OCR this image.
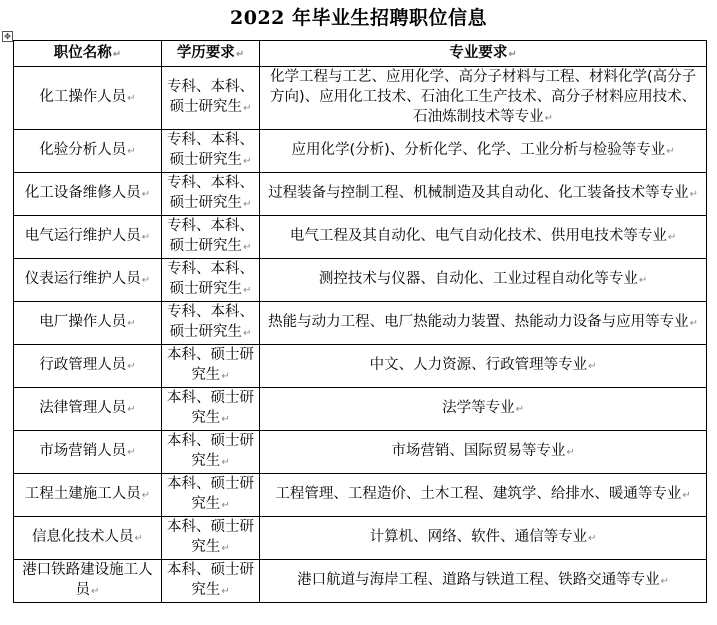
2022 年毕业生招聘职位信息
✥
职位名称↵	学历要求↵	专业要求↵
化工操作人员↵	专科、本科、硕士研究生↵	化学工程与工艺、应用化学、高分子材料与工程、材料化学(高分子方向)、应用化工技术、石油化工生产技术、高分子材料应用技术、石油炼制技术等专业↵
化验分析人员↵	专科、本科、硕士研究生↵	应用化学(分析)、分析化学、化学、工业分析与检验等专业↵
化工设备维修人员↵	专科、本科、硕士研究生↵	过程装备与控制工程、机械制造及其自动化、化工装备技术等专业↵
电气运行维护人员↵	专科、本科、硕士研究生↵	电气工程及其自动化、电气自动化技术、供用电技术等专业↵
仪表运行维护人员↵	专科、本科、硕士研究生↵	测控技术与仪器、自动化、工业过程自动化等专业↵
电厂操作人员↵	专科、本科、硕士研究生↵	热能与动力工程、电厂热能动力装置、热能动力设备与应用等专业↵
行政管理人员↵	本科、硕士研究生↵	中文、人力资源、行政管理等专业↵
法律管理人员↵	本科、硕士研究生↵	法学等专业↵
市场营销人员↵	本科、硕士研究生↵	市场营销、国际贸易等专业↵
工程土建施工人员↵	本科、硕士研究生↵	工程管理、工程造价、土木工程、建筑学、给排水、暖通等专业↵
信息化技术人员↵	本科、硕士研究生↵	计算机、网络、软件、通信等专业↵
港口铁路建设施工人员↵	本科、硕士研究生↵	港口航道与海岸工程、道路与铁道工程、铁路交通等专业↵
